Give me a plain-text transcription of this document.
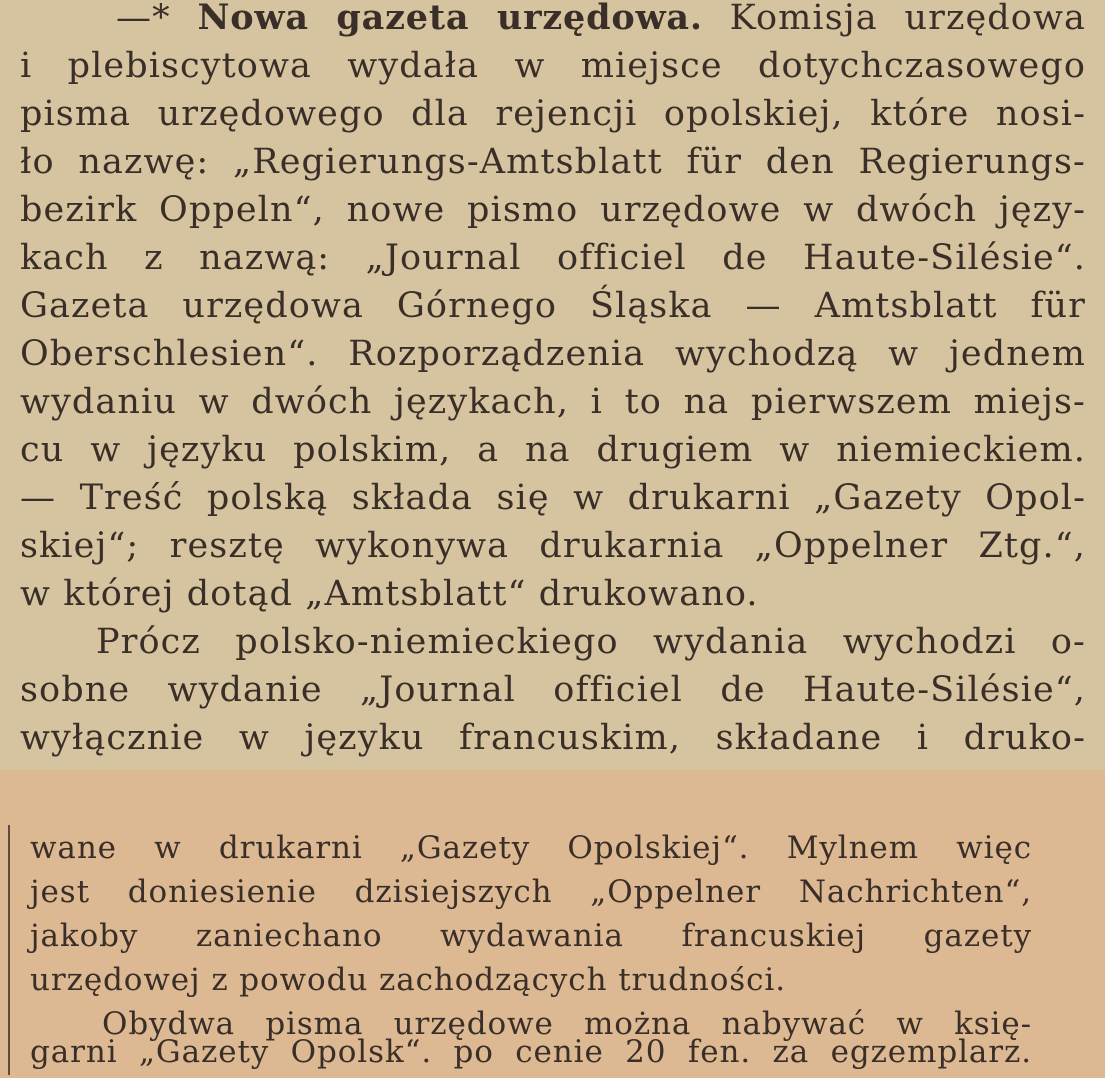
—* Nowa gazeta urzędowa. Komisja urzędowa
i plebiscytowa wydała w miejsce dotychczasowego
pisma urzędowego dla rejencji opolskiej, które nosi-
ło nazwę: „Regierungs-Amtsblatt für den Regierungs-
bezirk Oppeln“, nowe pismo urzędowe w dwóch języ-
kach z nazwą: „Journal officiel de Haute-Silésie“.
Gazeta urzędowa Górnego Śląska — Amtsblatt für
Oberschlesien“. Rozporządzenia wychodzą w jednem
wydaniu w dwóch językach, i to na pierwszem miejs-
cu w języku polskim, a na drugiem w niemieckiem.
— Treść polską składa się w drukarni „Gazety Opol-
skiej“; resztę wykonywa drukarnia „Oppelner Ztg.“,
w której dotąd „Amtsblatt“ drukowano.
Prócz polsko-niemieckiego wydania wychodzi o-
sobne wydanie „Journal officiel de Haute-Silésie“,
wyłącznie w języku francuskim, składane i druko-
wane w drukarni „Gazety Opolskiej“. Mylnem więc
jest doniesienie dzisiejszych „Oppelner Nachrichten“,
jakoby zaniechano wydawania francuskiej gazety
urzędowej z powodu zachodzących trudności.
Obydwa pisma urzędowe można nabywać w księ-
garni „Gazety Opolsk“. po cenie 20 fen. za egzemplarz.
